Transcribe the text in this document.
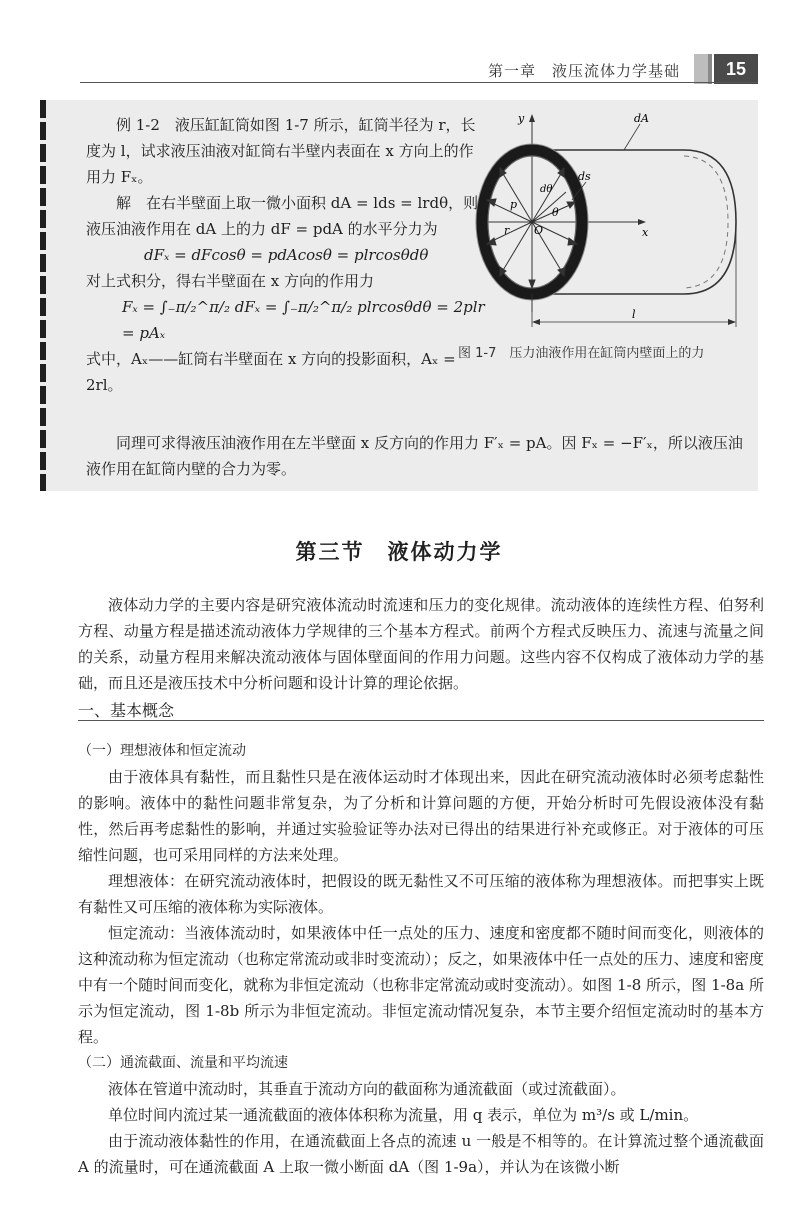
第一章　液压流体力学基础	15

例 1-2　液压缸缸筒如图 1-7 所示，缸筒半径为 r，长度为 l，试求液压油液对缸筒右半壁内表面在 x 方向上的作用力 Fₓ。

解　在右半壁面上取一微小面积 dA = lds = lrdθ，则液压油液作用在 dA 上的力 dF = pdA 的水平分力为

dFₓ = dFcosθ = pdAcosθ = plrcosθdθ

对上式积分，得右半壁面在 x 方向的作用力

Fₓ = ∫₋π/₂^π/₂ dFₓ = ∫₋π/₂^π/₂ plrcosθdθ = 2plr = pAₓ

式中，Aₓ——缸筒右半壁面在 x 方向的投影面积，Aₓ = 2rl。

同理可求得液压油液作用在左半壁面 x 反方向的作用力 F′ₓ = pA。因 Fₓ = −F′ₓ，所以液压油液作用在缸筒内壁的合力为零。

y
x
dA
ds
dθ
θ
p
r O
l
图 1-7　压力油液作用在缸筒内壁面上的力
第三节　液体动力学

液体动力学的主要内容是研究液体流动时流速和压力的变化规律。流动液体的连续性方程、伯努利方程、动量方程是描述流动液体力学规律的三个基本方程式。前两个方程式反映压力、流速与流量之间的关系，动量方程用来解决流动液体与固体壁面间的作用力问题。这些内容不仅构成了液体动力学的基础，而且还是液压技术中分析问题和设计计算的理论依据。

一、基本概念

（一）理想液体和恒定流动

由于液体具有黏性，而且黏性只是在液体运动时才体现出来，因此在研究流动液体时必须考虑黏性的影响。液体中的黏性问题非常复杂，为了分析和计算问题的方便，开始分析时可先假设液体没有黏性，然后再考虑黏性的影响，并通过实验验证等办法对已得出的结果进行补充或修正。对于液体的可压缩性问题，也可采用同样的方法来处理。

理想液体：在研究流动液体时，把假设的既无黏性又不可压缩的液体称为理想液体。而把事实上既有黏性又可压缩的液体称为实际液体。

恒定流动：当液体流动时，如果液体中任一点处的压力、速度和密度都不随时间而变化，则液体的这种流动称为恒定流动（也称定常流动或非时变流动）；反之，如果液体中任一点处的压力、速度和密度中有一个随时间而变化，就称为非恒定流动（也称非定常流动或时变流动）。如图 1-8 所示，图 1-8a 所示为恒定流动，图 1-8b 所示为非恒定流动。非恒定流动情况复杂，本节主要介绍恒定流动时的基本方程。

（二）通流截面、流量和平均流速

液体在管道中流动时，其垂直于流动方向的截面称为通流截面（或过流截面）。

单位时间内流过某一通流截面的液体体积称为流量，用 q 表示，单位为 m³/s 或 L/min。

由于流动液体黏性的作用，在通流截面上各点的流速 u 一般是不相等的。在计算流过整个通流截面 A 的流量时，可在通流截面 A 上取一微小断面 dA（图 1-9a），并认为在该微小断
